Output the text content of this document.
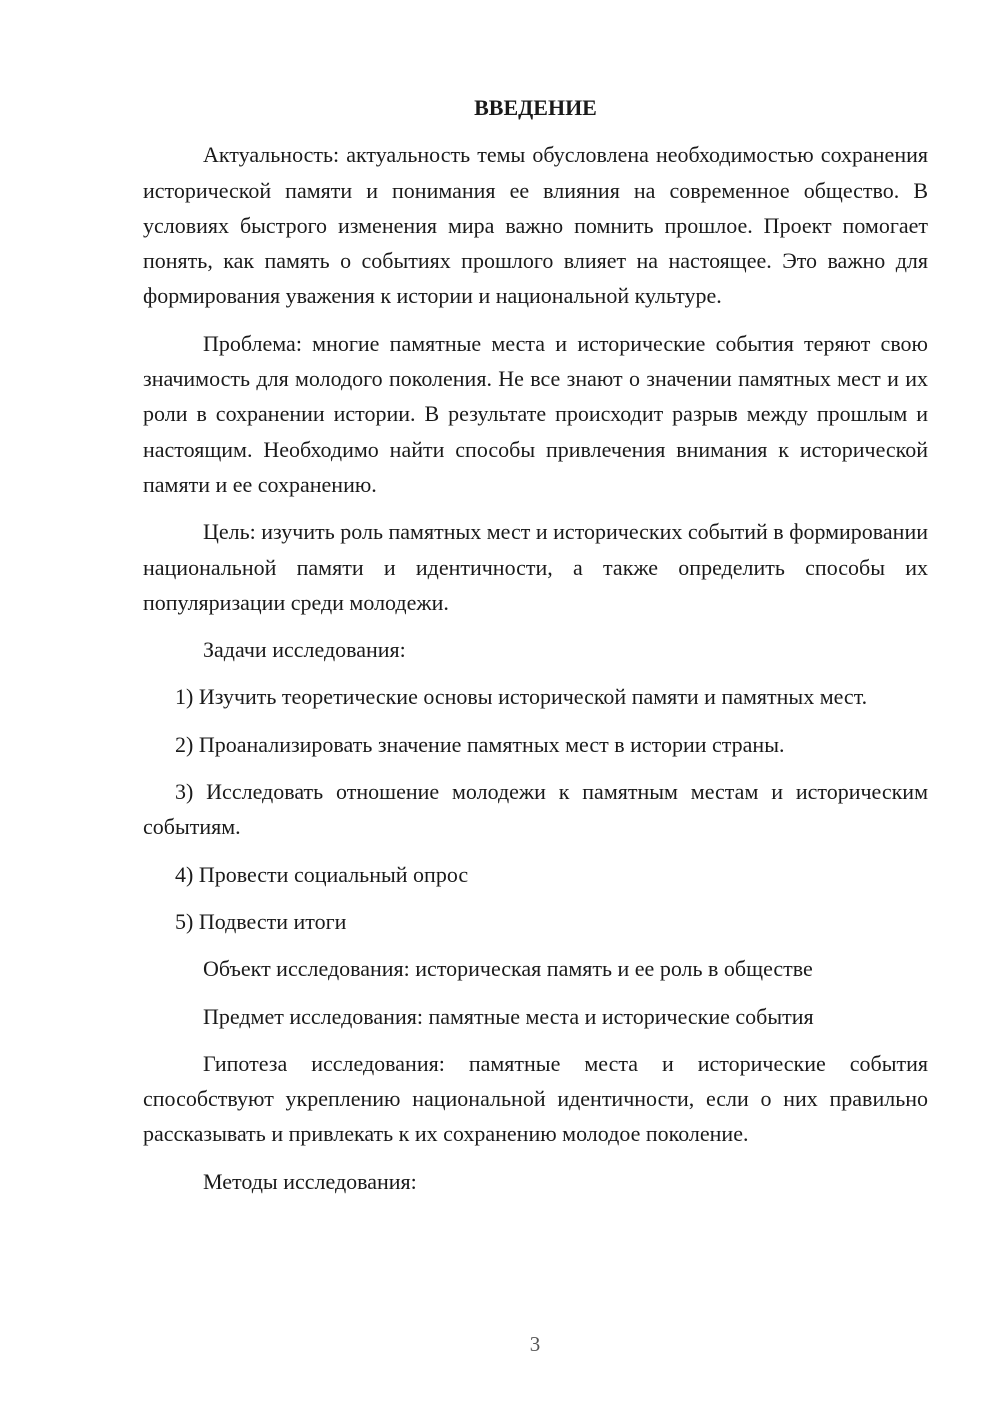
ВВЕДЕНИЕ

Актуальность: актуальность темы обусловлена необходимостью сохранения исторической памяти и понимания ее влияния на современное общество. В условиях быстрого изменения мира важно помнить прошлое. Проект помогает понять, как память о событиях прошлого влияет на настоящее. Это важно для формирования уважения к истории и национальной культуре.

Проблема: многие памятные места и исторические события теряют свою значимость для молодого поколения. Не все знают о значении памятных мест и их роли в сохранении истории. В результате происходит разрыв между прошлым и настоящим. Необходимо найти способы привлечения внимания к исторической памяти и ее сохранению.

Цель: изучить роль памятных мест и исторических событий в формировании национальной памяти и идентичности, а также определить способы их популяризации среди молодежи.

Задачи исследования:

1) Изучить теоретические основы исторической памяти и памятных мест.

2) Проанализировать значение памятных мест в истории страны.

3) Исследовать отношение молодежи к памятным местам и историческим событиям.

4) Провести социальный опрос

5) Подвести итоги

Объект исследования: историческая память и ее роль в обществе

Предмет исследования: памятные места и исторические события

Гипотеза исследования: памятные места и исторические события способствуют укреплению национальной идентичности, если о них правильно рассказывать и привлекать к их сохранению молодое поколение.

Методы исследования:

3
